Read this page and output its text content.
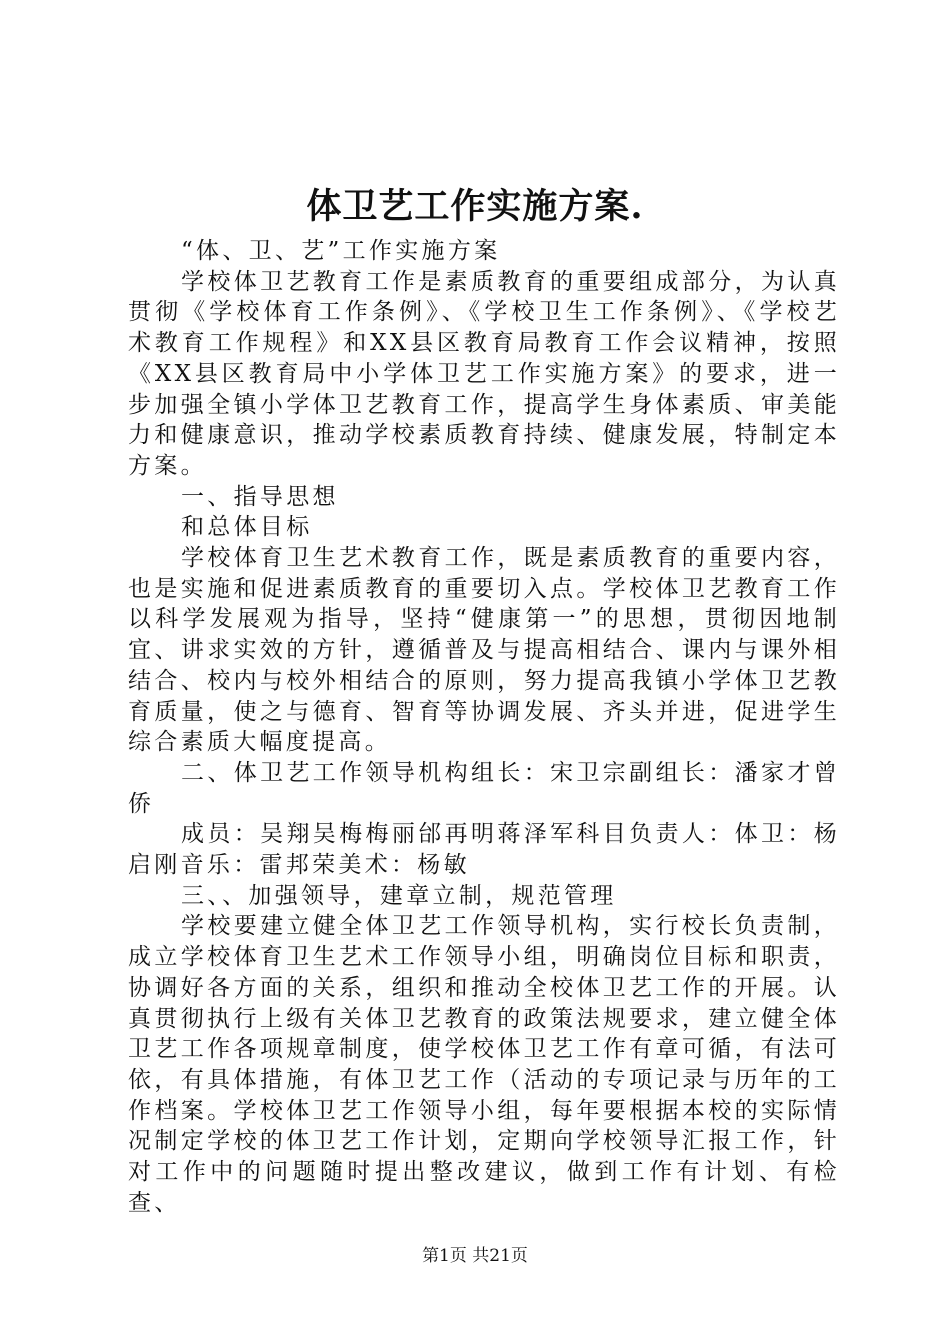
体卫艺工作实施方案.

“体、卫、艺”工作实施方案

学校体卫艺教育工作是素质教育的重要组成部分，为认真贯彻《学校体育工作条例》、《学校卫生工作条例》、《学校艺术教育工作规程》和XX县区教育局教育工作会议精神，按照《XX县区教育局中小学体卫艺工作实施方案》的要求，进一步加强全镇小学体卫艺教育工作，提高学生身体素质、审美能力和健康意识，推动学校素质教育持续、健康发展，特制定本方案。

一、指导思想

和总体目标

学校体育卫生艺术教育工作，既是素质教育的重要内容，也是实施和促进素质教育的重要切入点。学校体卫艺教育工作以科学发展观为指导，坚持“健康第一”的思想，贯彻因地制宜、讲求实效的方针，遵循普及与提高相结合、课内与课外相结合、校内与校外相结合的原则，努力提高我镇小学体卫艺教育质量，使之与德育、智育等协调发展、齐头并进，促进学生综合素质大幅度提高。

二、体卫艺工作领导机构组长：宋卫宗副组长：潘家才曾侨

成员：吴翔吴梅梅丽邰再明蒋泽军科目负责人：体卫：杨启刚音乐：雷邦荣美术：杨敏

三、、加强领导，建章立制，规范管理

学校要建立健全体卫艺工作领导机构，实行校长负责制，成立学校体育卫生艺术工作领导小组，明确岗位目标和职责，协调好各方面的关系，组织和推动全校体卫艺工作的开展。认真贯彻执行上级有关体卫艺教育的政策法规要求，建立健全体卫艺工作各项规章制度，使学校体卫艺工作有章可循，有法可依，有具体措施，有体卫艺工作（活动的专项记录与历年的工作档案。学校体卫艺工作领导小组，每年要根据本校的实际情况制定学校的体卫艺工作计划，定期向学校领导汇报工作，针对工作中的问题随时提出整改建议，做到工作有计划、有检查、

第1页 共21页
